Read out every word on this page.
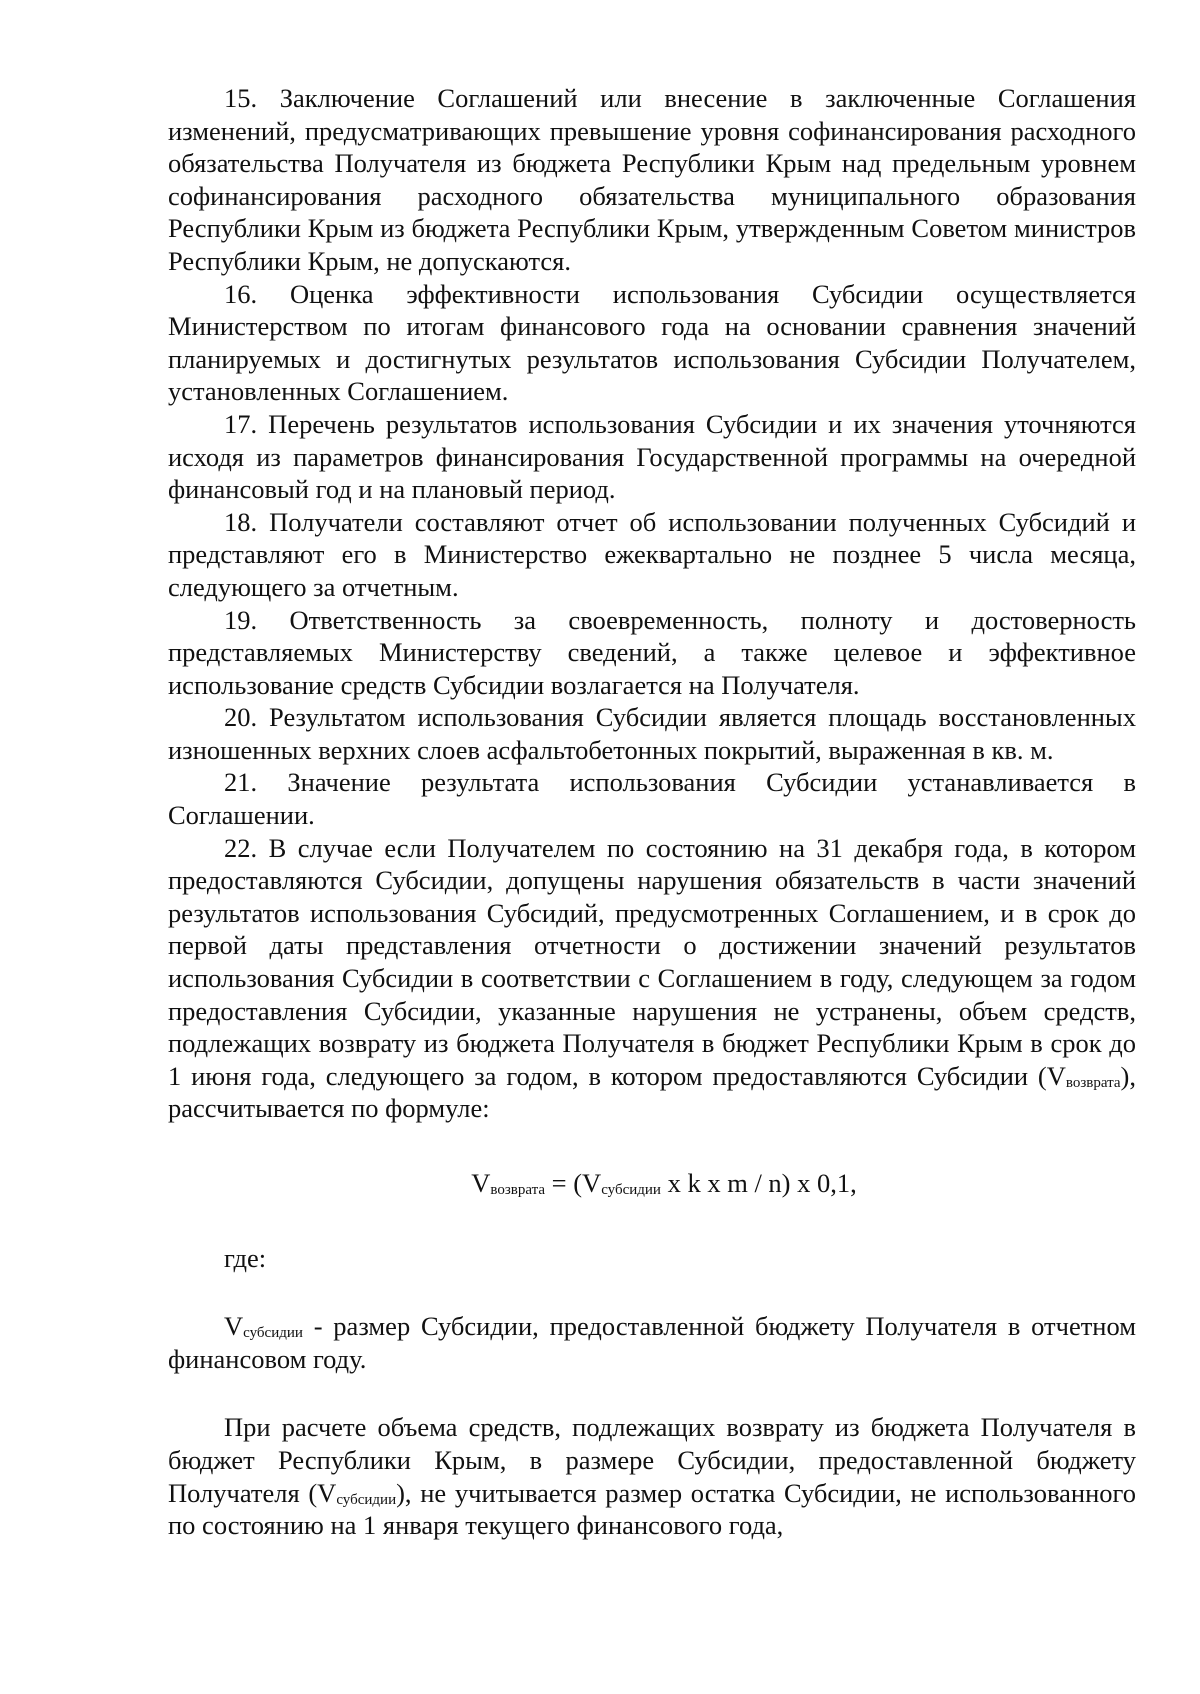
15. Заключение Соглашений или внесение в заключенные Соглашения изменений, предусматривающих превышение уровня софинансирования расходного обязательства Получателя из бюджета Республики Крым над предельным уровнем софинансирования расходного обязательства муниципального образования Республики Крым из бюджета Республики Крым, утвержденным Советом министров Республики Крым, не допускаются.

16. Оценка эффективности использования Субсидии осуществляется Министерством по итогам финансового года на основании сравнения значений планируемых и достигнутых результатов использования Субсидии Получателем, установленных Соглашением.

17. Перечень результатов использования Субсидии и их значения уточняются исходя из параметров финансирования Государственной программы на очередной финансовый год и на плановый период.

18. Получатели составляют отчет об использовании полученных Субсидий и представляют его в Министерство ежеквартально не позднее 5 числа месяца, следующего за отчетным.

19. Ответственность за своевременность, полноту и достоверность представляемых Министерству сведений, а также целевое и эффективное использование средств Субсидии возлагается на Получателя.

20. Результатом использования Субсидии является площадь восстановленных изношенных верхних слоев асфальтобетонных покрытий, выраженная в кв. м.

21. Значение результата использования Субсидии устанавливается в Соглашении.

22. В случае если Получателем по состоянию на 31 декабря года, в котором предоставляются Субсидии, допущены нарушения обязательств в части значений результатов использования Субсидий, предусмотренных Соглашением, и в срок до первой даты представления отчетности о достижении значений результатов использования Субсидии в соответствии с Соглашением в году, следующем за годом предоставления Субсидии, указанные нарушения не устранены, объем средств, подлежащих возврату из бюджета Получателя в бюджет Республики Крым в срок до 1 июня года, следующего за годом, в котором предоставляются Субсидии $(V_{возврата})$, рассчитывается по формуле:

$V_{возврата} = (V_{субсидии}$ x k x m / n) x 0,1,

где:

$V_{субсидии}$ - размер Субсидии, предоставленной бюджету Получателя в отчетном финансовом году.

При расчете объема средств, подлежащих возврату из бюджета Получателя в бюджет Республики Крым, в размере Субсидии, предоставленной бюджету Получателя $(V_{субсидии})$, не учитывается размер остатка Субсидии, не использованного по состоянию на 1 января текущего финансового года,
